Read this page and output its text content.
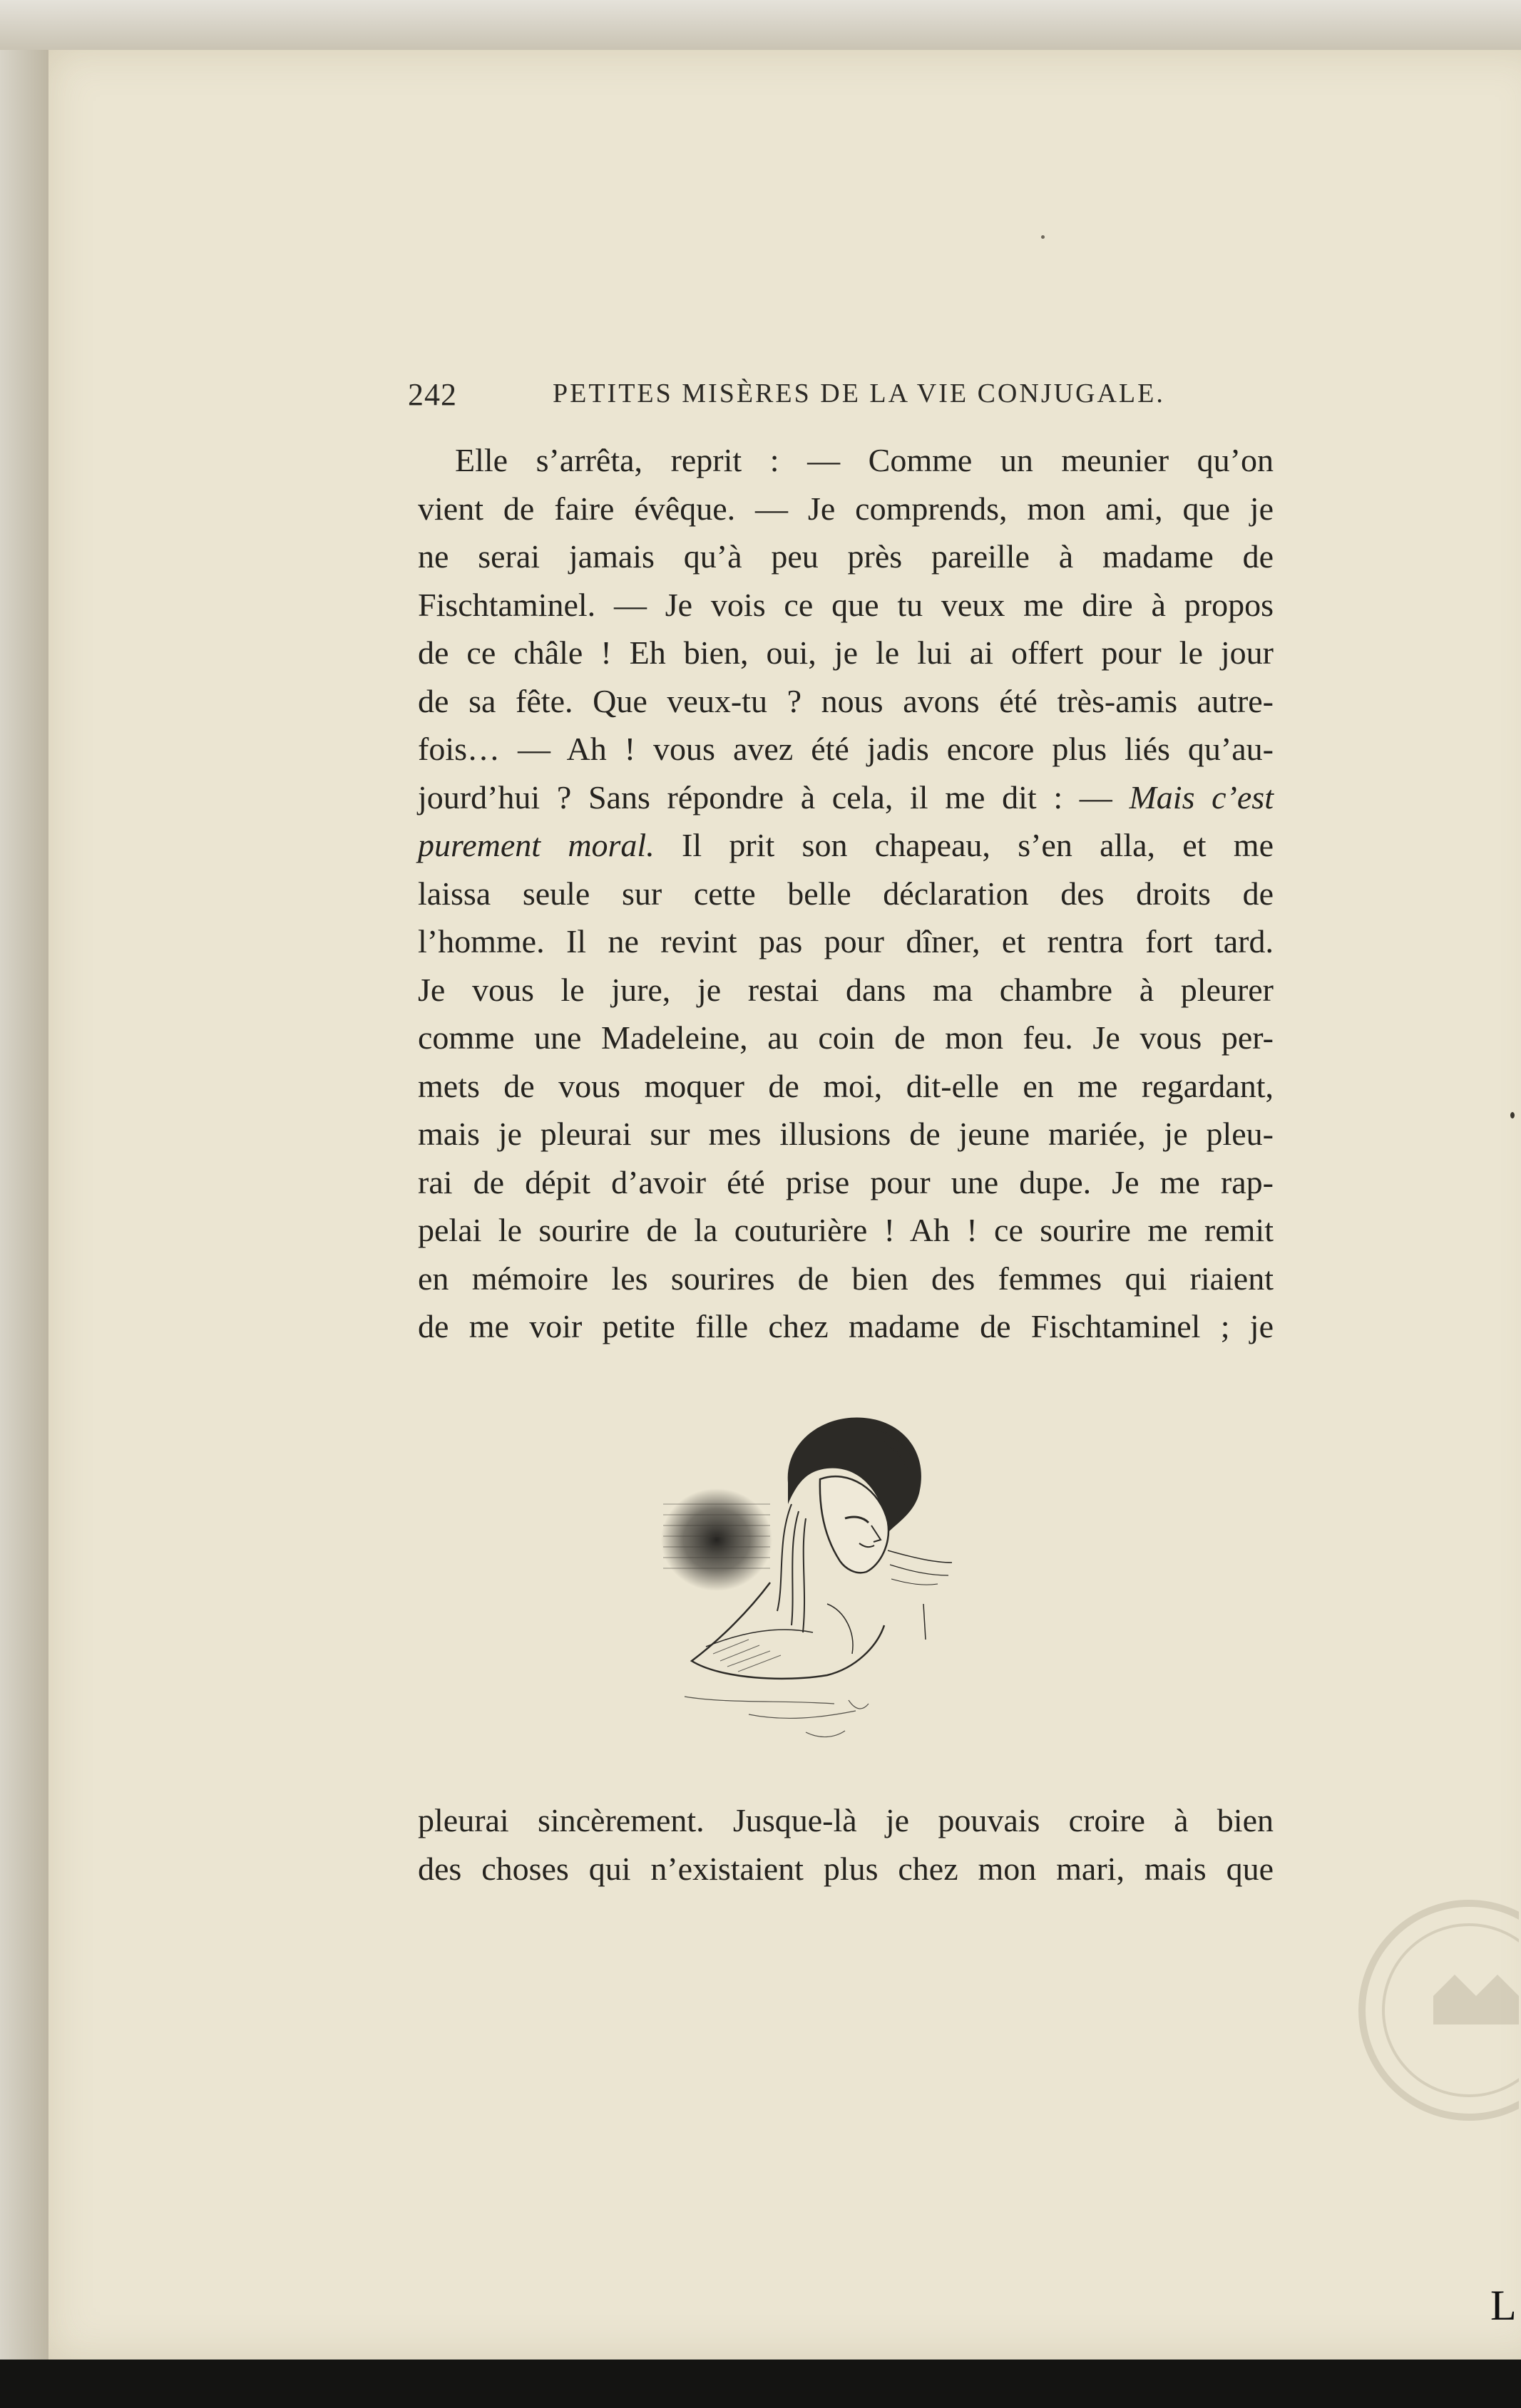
242	PETITES MISÈRES DE LA VIE CONJUGALE.
Elle s’arrêta, reprit : — Comme un meunier qu’on
vient de faire évêque. — Je comprends, mon ami, que je
ne serai jamais qu’à peu près pareille à madame de
Fischtaminel. — Je vois ce que tu veux me dire à propos
de ce châle ! Eh bien, oui, je le lui ai offert pour le jour
de sa fête. Que veux-tu ? nous avons été très-amis autre-
fois… — Ah ! vous avez été jadis encore plus liés qu’au-
jourd’hui ? Sans répondre à cela, il me dit : — Mais c’est
purement moral. Il prit son chapeau, s’en alla, et me
laissa seule sur cette belle déclaration des droits de
l’homme. Il ne revint pas pour dîner, et rentra fort tard.
Je vous le jure, je restai dans ma chambre à pleurer
comme une Madeleine, au coin de mon feu. Je vous per-
mets de vous moquer de moi, dit-elle en me regardant,
mais je pleurai sur mes illusions de jeune mariée, je pleu-
rai de dépit d’avoir été prise pour une dupe. Je me rap-
pelai le sourire de la couturière ! Ah ! ce sourire me remit
en mémoire les sourires de bien des femmes qui riaient
de me voir petite fille chez madame de Fischtaminel ; je
pleurai sincèrement. Jusque-là je pouvais croire à bien
des choses qui n’existaient plus chez mon mari, mais que
L
